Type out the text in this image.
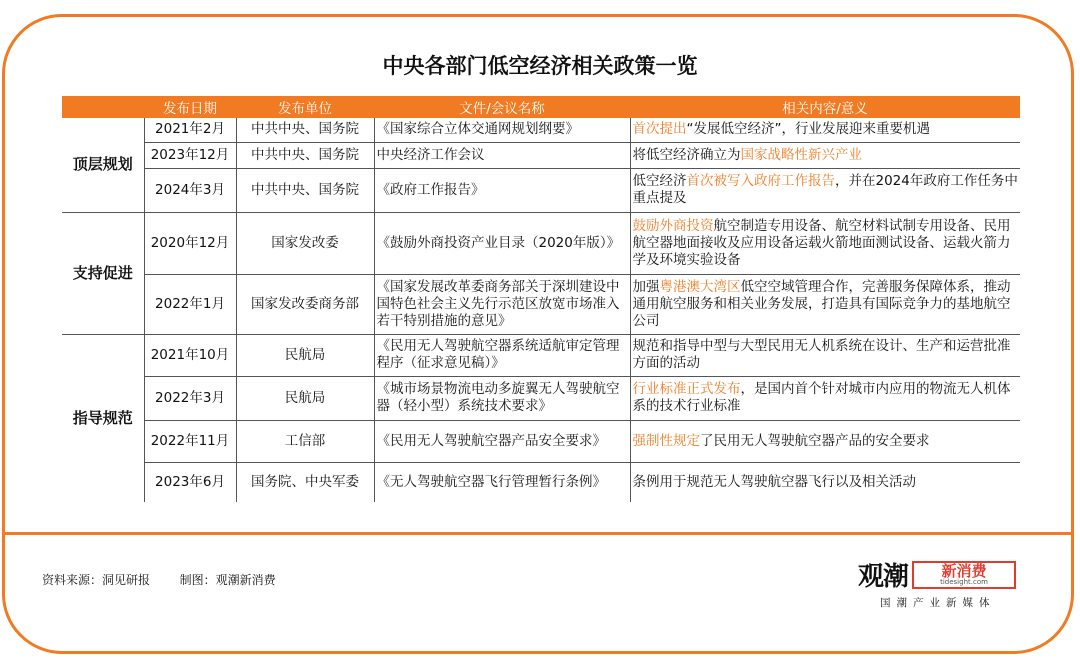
中央各部门低空经济相关政策一览
	发布日期	发布单位	文件/会议名称	相关内容/意义
顶层规划	2021年2月	中共中央、国务院	《国家综合立体交通网规划纲要》	首次提出“发展低空经济”，行业发展迎来重要机遇
	2023年12月	中共中央、国务院	中央经济工作会议	将低空经济确立为国家战略性新兴产业
	2024年3月	中共中央、国务院	《政府工作报告》	低空经济首次被写入政府工作报告，并在2024年政府工作任务中重点提及
支持促进	2020年12月	国家发改委	《鼓励外商投资产业目录（2020年版）》	鼓励外商投资航空制造专用设备、航空材料试制专用设备、民用航空器地面接收及应用设备运载火箭地面测试设备、运载火箭力学及环境实验设备
	2022年1月	国家发改委商务部	《国家发展改革委商务部关于深圳建设中国特色社会主义先行示范区放宽市场准入若干特别措施的意见》	加强粤港澳大湾区低空空域管理合作，完善服务保障体系，推动通用航空服务和相关业务发展，打造具有国际竞争力的基地航空公司
指导规范	2021年10月	民航局	《民用无人驾驶航空器系统适航审定管理程序（征求意见稿）》	规范和指导中型与大型民用无人机系统在设计、生产和运营批准方面的活动
	2022年3月	民航局	《城市场景物流电动多旋翼无人驾驶航空器（轻小型）系统技术要求》	行业标准正式发布，是国内首个针对城市内应用的物流无人机体系的技术行业标准
	2022年11月	工信部	《民用无人驾驶航空器产品安全要求》	强制性规定了民用无人驾驶航空器产品的安全要求
	2023年6月	国务院、中央军委	《无人驾驶航空器飞行管理暂行条例》	条例用于规范无人驾驶航空器飞行以及相关活动
资料来源：洞见研报 制图：观潮新消费	观潮 新消费
tidesight.com
国潮产业新媒体
